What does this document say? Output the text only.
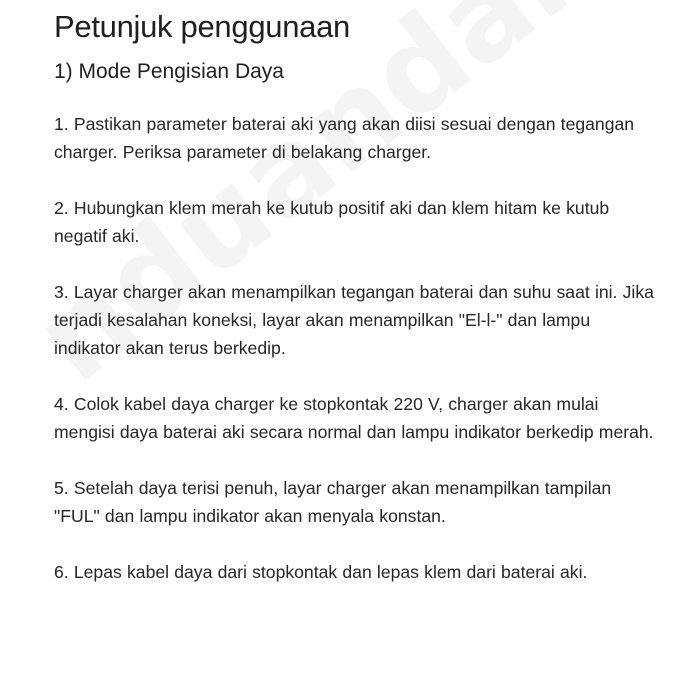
Petunjuk penggunaan
1) Mode Pengisian Daya
1. Pastikan parameter baterai aki yang akan diisi sesuai dengan tegangan charger. Periksa parameter di belakang charger.
2. Hubungkan klem merah ke kutub positif aki dan klem hitam ke kutub negatif aki.
3. Layar charger akan menampilkan tegangan baterai dan suhu saat ini. Jika terjadi kesalahan koneksi, layar akan menampilkan "El-l-" dan lampu indikator akan terus berkedip.
4. Colok kabel daya charger ke stopkontak 220 V, charger akan mulai mengisi daya baterai aki secara normal dan lampu indikator berkedip merah.
5. Setelah daya terisi penuh, layar charger akan menampilkan tampilan "FUL" dan lampu indikator akan menyala konstan.
6. Lepas kabel daya dari stopkontak dan lepas klem dari baterai aki.
